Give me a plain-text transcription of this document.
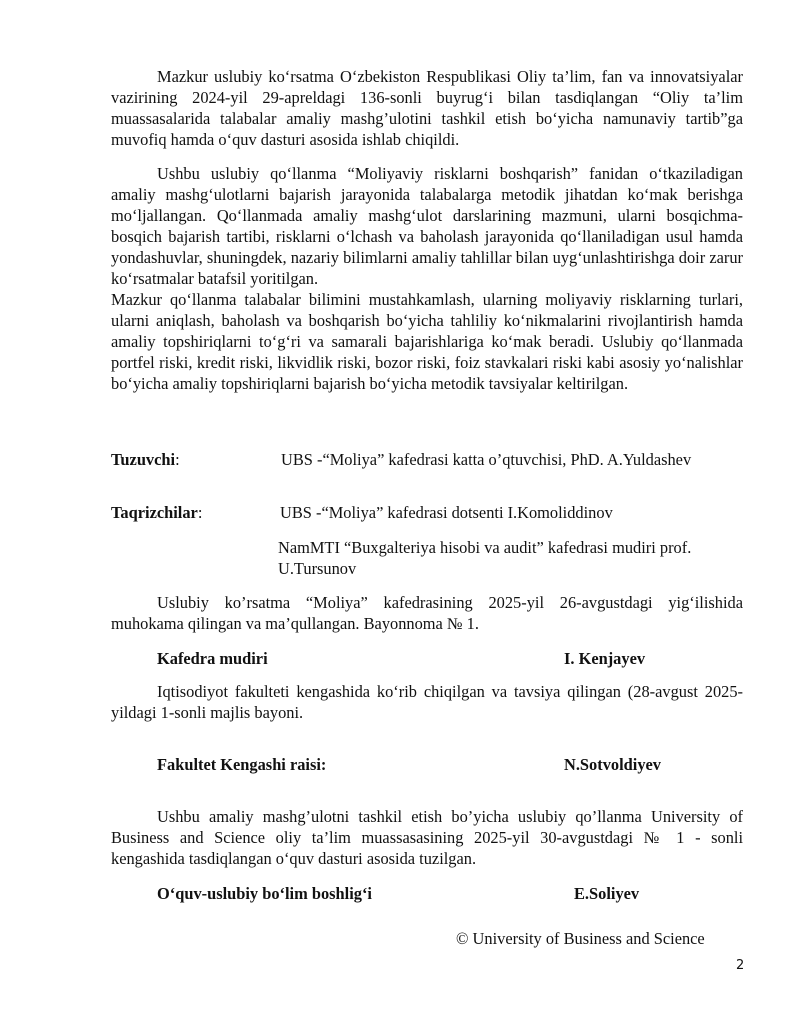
Mazkur uslubiy ko‘rsatma O‘zbekiston Respublikasi Oliy ta’lim, fan va innovatsiyalar vazirining 2024-yil 29-apreldagi 136-sonli buyrug‘i bilan tasdiqlangan “Oliy ta’lim muassasalarida talabalar amaliy mashg’ulotini tashkil etish bo‘yicha namunaviy tartib”ga muvofiq hamda o‘quv dasturi asosida ishlab chiqildi.

Ushbu uslubiy qo‘llanma “Moliyaviy risklarni boshqarish” fanidan o‘tkaziladigan amaliy mashg‘ulotlarni bajarish jarayonida talabalarga metodik jihatdan ko‘mak berishga mo‘ljallangan. Qo‘llanmada amaliy mashg‘ulot darslarining mazmuni, ularni bosqichma-bosqich bajarish tartibi, risklarni o‘lchash va baholash jarayonida qo‘llaniladigan usul hamda yondashuvlar, shuningdek, nazariy bilimlarni amaliy tahlillar bilan uyg‘unlashtirishga doir zarur ko‘rsatmalar batafsil yoritilgan.

Mazkur qo‘llanma talabalar bilimini mustahkamlash, ularning moliyaviy risklarning turlari, ularni aniqlash, baholash va boshqarish bo‘yicha tahliliy ko‘nikmalarini rivojlantirish hamda amaliy topshiriqlarni to‘g‘ri va samarali bajarishlariga ko‘mak beradi. Uslubiy qo‘llanmada portfel riski, kredit riski, likvidlik riski, bozor riski, foiz stavkalari riski kabi asosiy yo‘nalishlar bo‘yicha amaliy topshiriqlarni bajarish bo‘yicha metodik tavsiyalar keltirilgan.

Tuzuvchi:	UBS -“Moliya” kafedrasi katta o’qtuvchisi, PhD. A.Yuldashev
Taqrizchilar:	UBS -“Moliya” kafedrasi dotsenti I.Komoliddinov
NamMTI “Buxgalteriya hisobi va audit” kafedrasi mudiri prof.
U.Tursunov

Uslubiy ko’rsatma “Moliya” kafedrasining 2025-yil 26-avgustdagi yig‘ilishida muhokama qilingan va ma’qullangan. Bayonnoma № 1.

Kafedra mudiri	I. Kenjayev

Iqtisodiyot fakulteti kengashida ko‘rib chiqilgan va tavsiya qilingan (28-avgust 2025-yildagi 1-sonli majlis bayoni.

Fakultet Kengashi raisi:	N.Sotvoldiyev

Ushbu amaliy mashg’ulotni tashkil etish bo’yicha uslubiy qo’llanma University of Business and Science oliy ta’lim muassasasining 2025-yil 30-avgustdagi № 1 - sonli kengashida tasdiqlangan o‘quv dasturi asosida tuzilgan.

O‘quv-uslubiy bo‘lim boshlig‘i	E.Soliyev
© University of Business and Science
2
